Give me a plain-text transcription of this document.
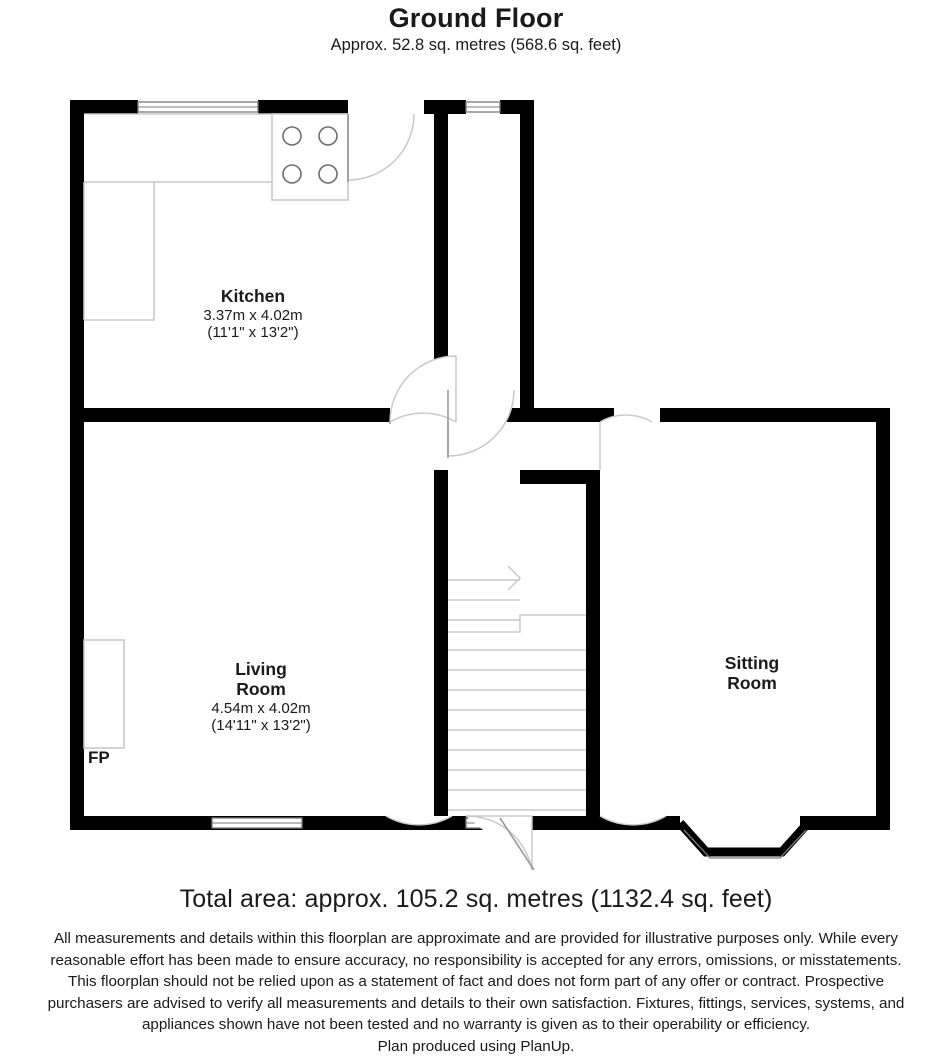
Ground Floor
Approx. 52.8 sq. metres (568.6 sq. feet)
Kitchen
3.37m x 4.02m
(11'1" x 13'2")
Living
Room
4.54m x 4.02m
(14'11" x 13'2")
Sitting
Room
FP
Total area: approx. 105.2 sq. metres (1132.4 sq. feet)
All measurements and details within this floorplan are approximate and are provided for illustrative purposes only. While every
reasonable effort has been made to ensure accuracy, no responsibility is accepted for any errors, omissions, or misstatements.
This floorplan should not be relied upon as a statement of fact and does not form part of any offer or contract. Prospective
purchasers are advised to verify all measurements and details to their own satisfaction. Fixtures, fittings, services, systems, and
appliances shown have not been tested and no warranty is given as to their operability or efficiency.
Plan produced using PlanUp.
